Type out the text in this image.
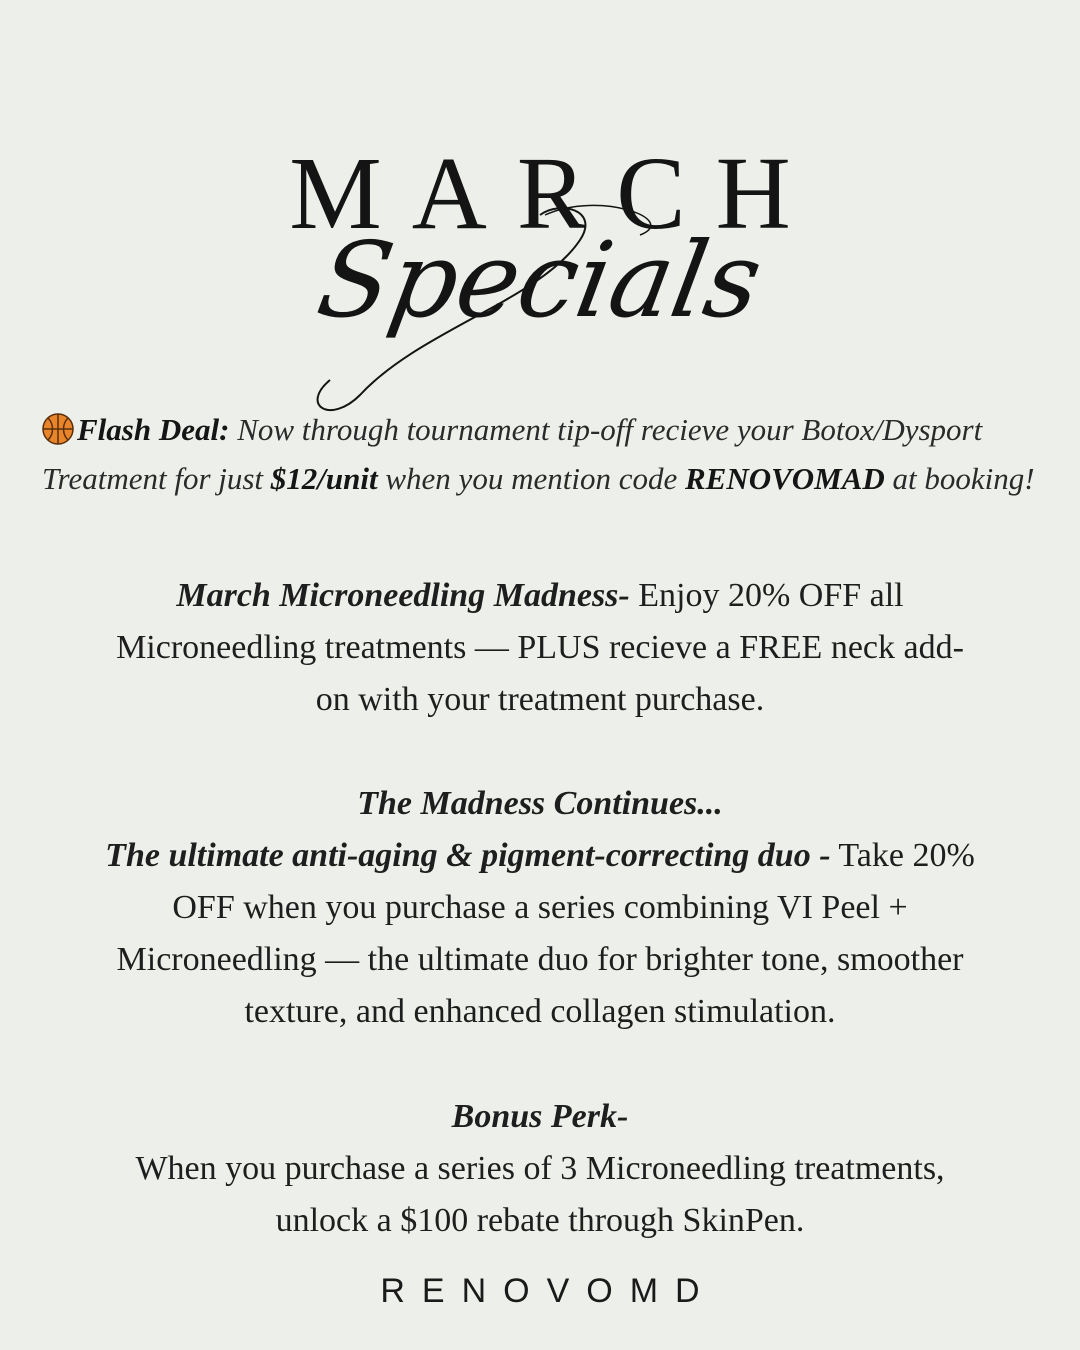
MARCH
Specials
Flash Deal: Now through tournament tip-off recieve your Botox/Dysport Treatment for just $12/unit when you mention code RENOVOMAD at booking!
March Microneedling Madness- Enjoy 20% OFF all Microneedling treatments — PLUS recieve a FREE neck add-on with your treatment purchase.
The Madness Continues...
The ultimate anti-aging & pigment-correcting duo - Take 20% OFF when you purchase a series combining VI Peel + Microneedling — the ultimate duo for brighter tone, smoother texture, and enhanced collagen stimulation.
Bonus Perk-
When you purchase a series of 3 Microneedling treatments, unlock a $100 rebate through SkinPen.
RENOVOMD
